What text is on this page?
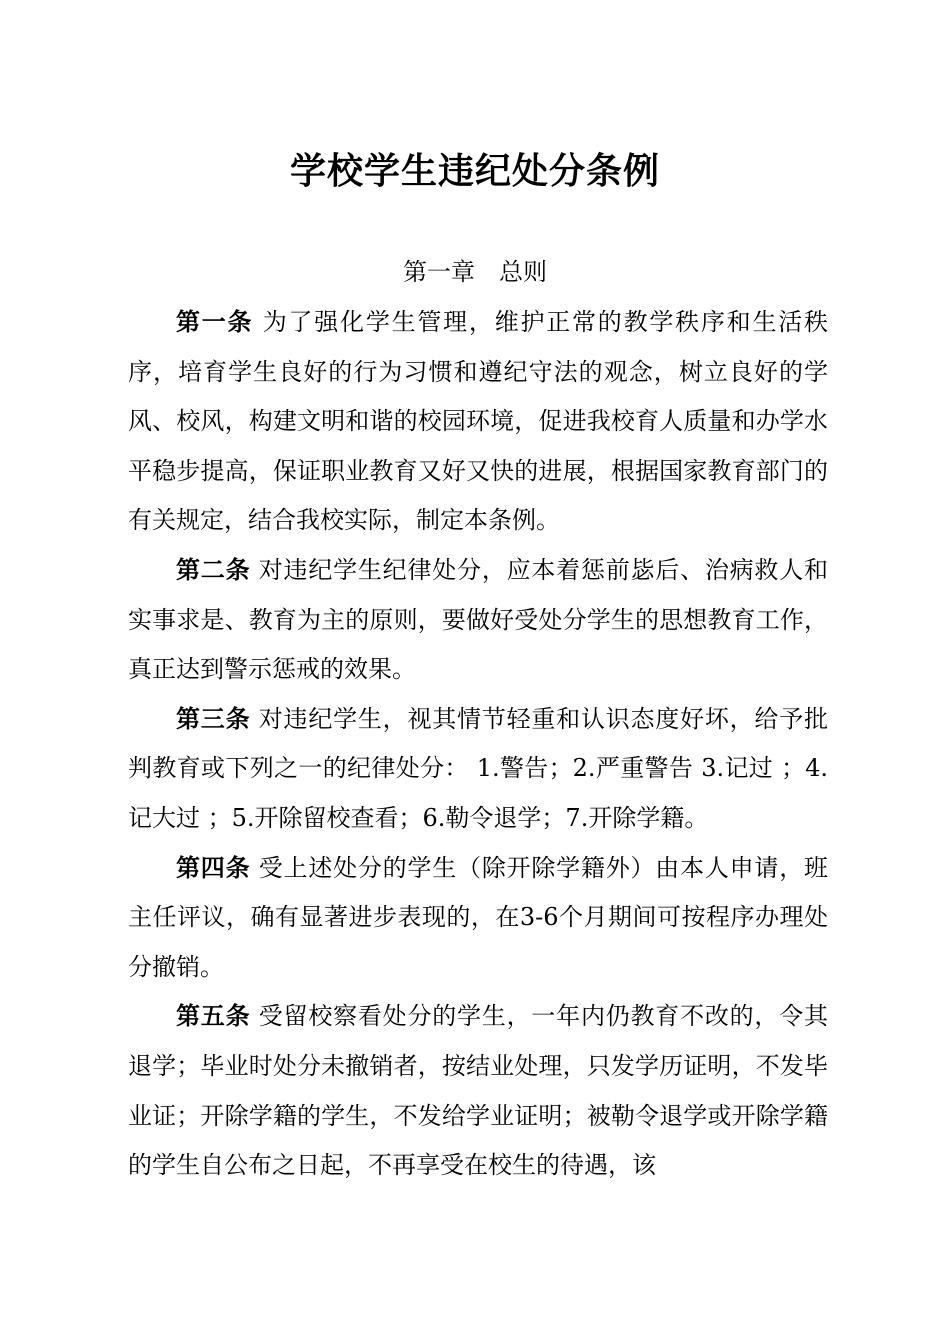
学校学生违纪处分条例
第一章　总则

第一条 为了强化学生管理，维护正常的教学秩序和生活秩序，培育学生良好的行为习惯和遵纪守法的观念，树立良好的学风、校风，构建文明和谐的校园环境，促进我校育人质量和办学水平稳步提高，保证职业教育又好又快的进展，根据国家教育部门的有关规定，结合我校实际，制定本条例。

第二条 对违纪学生纪律处分，应本着惩前毖后、治病救人和实事求是、教育为主的原则，要做好受处分学生的思想教育工作，真正达到警示惩戒的效果。

第三条 对违纪学生，视其情节轻重和认识态度好坏，给予批判教育或下列之一的纪律处分： 1.警告；2.严重警告 3.记过 ；4.记大过 ；5.开除留校查看；6.勒令退学；7.开除学籍。

第四条 受上述处分的学生（除开除学籍外）由本人申请，班主任评议，确有显著进步表现的，在3-6个月期间可按程序办理处分撤销。

第五条 受留校察看处分的学生，一年内仍教育不改的，令其退学；毕业时处分未撤销者，按结业处理，只发学历证明，不发毕业证；开除学籍的学生，不发给学业证明；被勒令退学或开除学籍的学生自公布之日起，不再享受在校生的待遇，该
